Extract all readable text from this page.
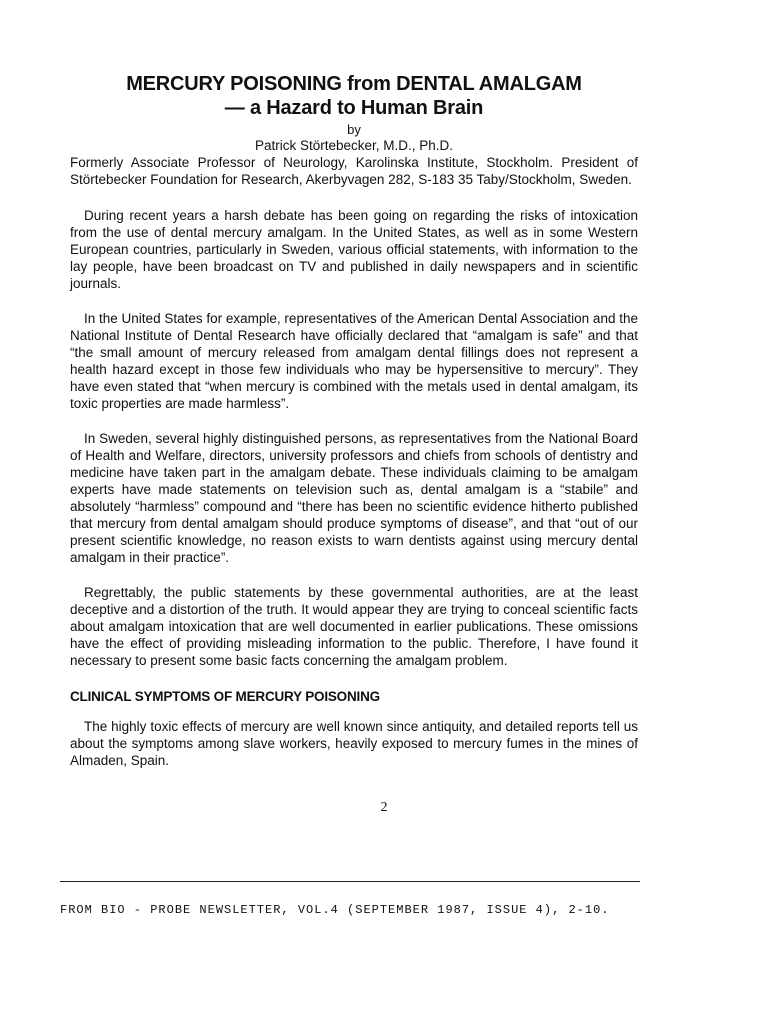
MERCURY POISONING from DENTAL AMALGAM
— a Hazard to Human Brain

by

Patrick Störtebecker, M.D., Ph.D.

Formerly Associate Professor of Neurology, Karolinska Institute, Stockholm. President of Störtebecker Foundation for Research, Akerbyvagen 282, S-183 35 Taby/Stockholm, Sweden.

During recent years a harsh debate has been going on regarding the risks of intoxication from the use of dental mercury amalgam. In the United States, as well as in some Western European countries, particularly in Sweden, various official statements, with information to the lay people, have been broadcast on TV and published in daily newspapers and in scientific journals.

In the United States for example, representatives of the American Dental Association and the National Institute of Dental Research have officially declared that “amalgam is safe” and that “the small amount of mercury released from amalgam dental fillings does not represent a health hazard except in those few individuals who may be hypersensitive to mercury”. They have even stated that “when mercury is combined with the metals used in dental amalgam, its toxic properties are made harmless”.

In Sweden, several highly distinguished persons, as representatives from the National Board of Health and Welfare, directors, university professors and chiefs from schools of dentistry and medicine have taken part in the amalgam debate. These individuals claiming to be amalgam experts have made statements on television such as, dental amalgam is a “stabile” and absolutely “harmless” compound and “there has been no scientific evidence hitherto published that mercury from dental amalgam should produce symptoms of disease”, and that “out of our present scientific knowledge, no reason exists to warn dentists against using mercury dental amalgam in their practice”.

Regrettably, the public statements by these governmental authorities, are at the least deceptive and a distortion of the truth. It would appear they are trying to conceal scientific facts about amalgam intoxication that are well documented in earlier publications. These omissions have the effect of providing misleading information to the public. Therefore, I have found it necessary to present some basic facts concerning the amalgam problem.

CLINICAL SYMPTOMS OF MERCURY POISONING

The highly toxic effects of mercury are well known since antiquity, and detailed reports tell us about the symptoms among slave workers, heavily exposed to mercury fumes in the mines of Almaden, Spain.

2
FROM BIO - PROBE NEWSLETTER, VOL.4 (SEPTEMBER 1987, ISSUE 4), 2-10.
